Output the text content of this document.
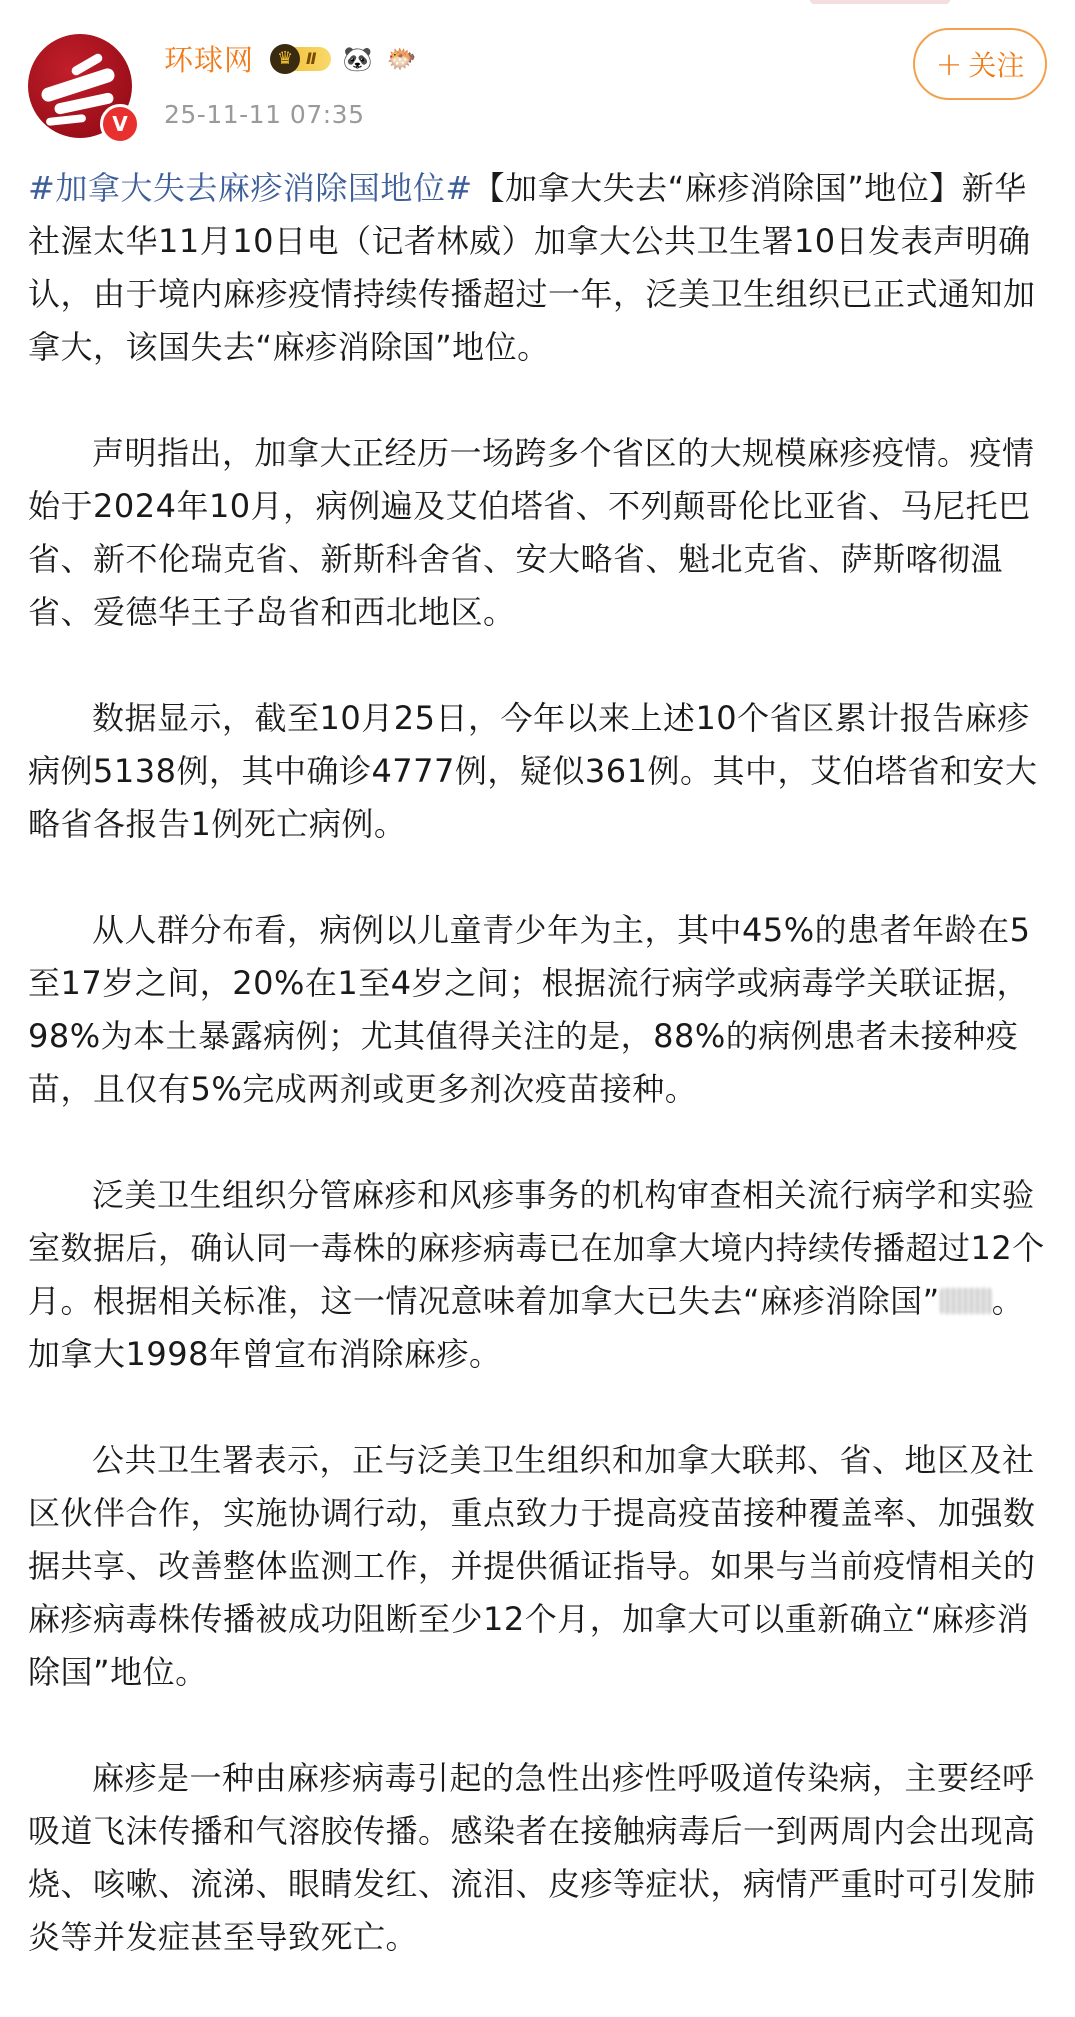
V
环球网	♛ Ⅱ	🐼 🐡
25-11-11 07:35
+ 关注

#加拿大失去麻疹消除国地位#【加拿大失去“麻疹消除国”地位】新华社渥太华11月10日电（记者林威）加拿大公共卫生署10日发表声明确认，由于境内麻疹疫情持续传播超过一年，泛美卫生组织已正式通知加拿大，该国失去“麻疹消除国”地位。

声明指出，加拿大正经历一场跨多个省区的大规模麻疹疫情。疫情始于2024年10月，病例遍及艾伯塔省、不列颠哥伦比亚省、马尼托巴省、新不伦瑞克省、新斯科舍省、安大略省、魁北克省、萨斯喀彻温省、爱德华王子岛省和西北地区。

数据显示，截至10月25日，今年以来上述10个省区累计报告麻疹病例5138例，其中确诊4777例，疑似361例。其中，艾伯塔省和安大略省各报告1例死亡病例。

从人群分布看，病例以儿童青少年为主，其中45%的患者年龄在5至17岁之间，20%在1至4岁之间；根据流行病学或病毒学关联证据，98%为本土暴露病例；尤其值得关注的是，88%的病例患者未接种疫苗，且仅有5%完成两剂或更多剂次疫苗接种。

泛美卫生组织分管麻疹和风疹事务的机构审查相关流行病学和实验室数据后，确认同一毒株的麻疹病毒已在加拿大境内持续传播超过12个月。根据相关标准，这一情况意味着加拿大已失去“麻疹消除国” 。加拿大1998年曾宣布消除麻疹。

公共卫生署表示，正与泛美卫生组织和加拿大联邦、省、地区及社区伙伴合作，实施协调行动，重点致力于提高疫苗接种覆盖率、加强数据共享、改善整体监测工作，并提供循证指导。如果与当前疫情相关的麻疹病毒株传播被成功阻断至少12个月，加拿大可以重新确立“麻疹消除国”地位。

麻疹是一种由麻疹病毒引起的急性出疹性呼吸道传染病，主要经呼吸道飞沫传播和气溶胶传播。感染者在接触病毒后一到两周内会出现高烧、咳嗽、流涕、眼睛发红、流泪、皮疹等症状，病情严重时可引发肺炎等并发症甚至导致死亡。
